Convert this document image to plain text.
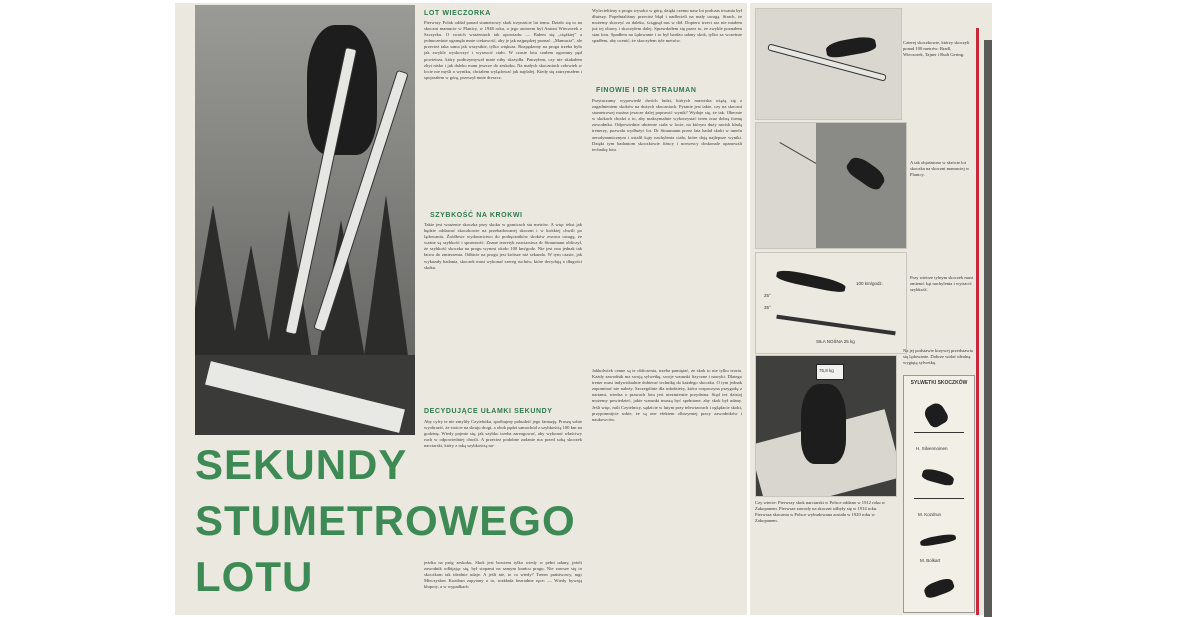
LOT WIECZORKA
Pierwszy Polak oddał ponad stumetrowy skok trzynaście lat temu. Działo się to na skoczni mamucie w Planicy, w 1948 roku, a jego autorem był Antoni Wieczorek z Szczyrku. O swoich wrażeniach tak opowiada: — Bałem się „ciężkiej” a jednocześnie ogarnęła mnie ciekawość, aby je jak najprędzej poznać. „Mamucia”, ale przecież taka sama jak wszystkie, tylko większa. Rozpędzony na progu trzeba było jak zwykle wyskoczyć i wyrzucić ciało. W czasie lotu czułem ogromny pęd powietrza, który podtrzymywał mnie niby skrzydła. Patrzyłem, czy nie skakałem zbyt nisko i jak daleko mam jeszcze do zeskoku. Na małych skoczniach człowiek w locie nie myśli o wyniku, chciałem wylądować jak najdalej. Kiedy się zatrzymałem i spojrzałem w górę, przeszył mnie dreszcz.
SZYBKOŚĆ NA KROKWI
Takie jest wrażenie skoczka przy skoku w granicach stu metrów. A więc tekst jak będzie oddawać skoczkowie na przebadowanej skoczni i w krótkiej chwili po lądowaniu. Źródłowe wydawnictwo do podręczników skoków zwraca uwagę, że ważne są szybkość i sprawność. Znane teoretyk narciarstwa dr Straumann obliczył, że szybkość skoczka na progu wynosi około 100 km/godz. Nie jest ona jednak tak łatwa do zmierzenia. Odbicie na progu jest krótsze niż sekunda. W tym czasie, jak wykazały badania, skoczek musi wykonać szereg ruchów, które decydują o długości skoku.
DECYDUJĄCE UŁAMKI SEKUNDY
Aby cyfry te nie zmyliły Czytelnika, spróbujmy pobudzić jego fantazję. Proszę sobie wyobrazić, że stoicie na skraju drogi, a obok pędzi samochód z szybkością 100 km na godzinę. Wtedy pojmie się, jak szybko trzeba zareagować, aby wykonać właściwy ruch w odpowiedniej chwili. A przecież podobne zadanie ma przed sobą skoczek narciarski, który z taką szybkością na-
jeżdża na próg zeskoku. Skok jest bowiem tylko wtedy w pełni udany, jeżeli zawodnik odbijając się, był stopami na samym krańcu progu. Nie zawsze się to skoczkom tak idealnie udaje. A jeśli nie, to co wtedy? Trener państwowy, mgr Mieczysław Kozdrun zapytany o to, rozkłada bezradnie ręce: — Wtedy bywają kłopoty, a w wypadkach
Wylecieliśmy z progu wysoko w górę, dzięki czemu nasz lot podczas trwania był dłuższy. Popełnialiśmy przecież błąd i nadlecieli na mały uwagą. Strach, że możemy skoczyć za daleko, ściągnął nas w dół. Dopiero trzeci raz nie miałem już tej obawy i skoczyłem dalej. Sprawdziłem się przez to, że zwykle poznałem stan lotu. Spadłem na lądowanie i to był bardzo udany skok, tylko za wcześnie spadłem, aby ocenić, że skoczyłem tyle metrów.
FINOWIE I DR STRAUMAN
Przytaczamy wypowiedź dwóch ludzi, których nazwiska wiążą się z zagadnieniem skoków na dużych skoczniach. Pytanie jest takie, czy na skoczni stumetrowej można jeszcze dalej poprawić wynik? Wydaje się, że tak. Obecnie w skokach chodzi o to, aby maksymalnie wykorzystać teren oraz dobrą formę zawodnika. Odpowiednie ułożenie ciała w locie, na którym duży nacisk kładą trenerzy, pozwala wydłużyć lot. Dr Straumann przez lata badał skoki w tunelu aerodynamicznym i ustalił kąty nachylenia ciała, które dają najlepsze wyniki. Dzięki tym badaniom skoczkowie fińscy i norwescy doskonale opanowali technikę lotu.
Jakkolwiek cenne są te obliczenia, trzeba pamiętać, że skok to nie tylko teoria. Każdy zawodnik ma swoją sylwetkę, swoje warunki fizyczne i nawyki. Dlatego trener musi indywidualnie dobierać technikę do każdego skoczka. O tym jednak zapominać nie należy. Szczególnie dla młodzieży, która rozpoczyna przygodę z nartami, wiedza o prawach lotu jest niezmiernie przydatna. Stąd też dzisiaj możemy powiedzieć, jakie warunki muszą być spełnione, aby skok był udany. Jeśli więc, mili Czytelnicy, sądzicie w lutym przy telewizorach i oglądacie skoki, przypomnijcie sobie, że są one efektem olbrzymiej pracy zawodników i naukowców.
SEKUNDY
STUMETROWEGO
LOTU
Czterej skoczkowie, którzy skoczyli ponad 100 metrów: Bradl, Wieczorek, Tajner i Rudi Gering.
A tak objaśniono w skrócie lot skoczka na skoczni mamuciej w Planicy.
100 km/godz.
25°
35°
SIŁA NOŚNA 25 kg
Przy wietrze tylnym skoczek musi zmienić kąt nachylenia i wytracić szybkość.
76,8 kg
Na jej podstawie krzywej przedstawia się lądowanie. Dobrze widać idealną wygiętą sylwetkę.
SYLWETKI SKOCZKÓW
H. Silvennoinen
M. Kozdrun
M. Bolkart
Czy wiecie: Pierwszy skok narciarski w Polsce oddano w 1912 roku w Zakopanem. Pierwsze zawody na skoczni odbyły się w 1914 roku. Pierwsza skocznia w Polsce wybudowana została w 1920 roku w Zakopanem.
